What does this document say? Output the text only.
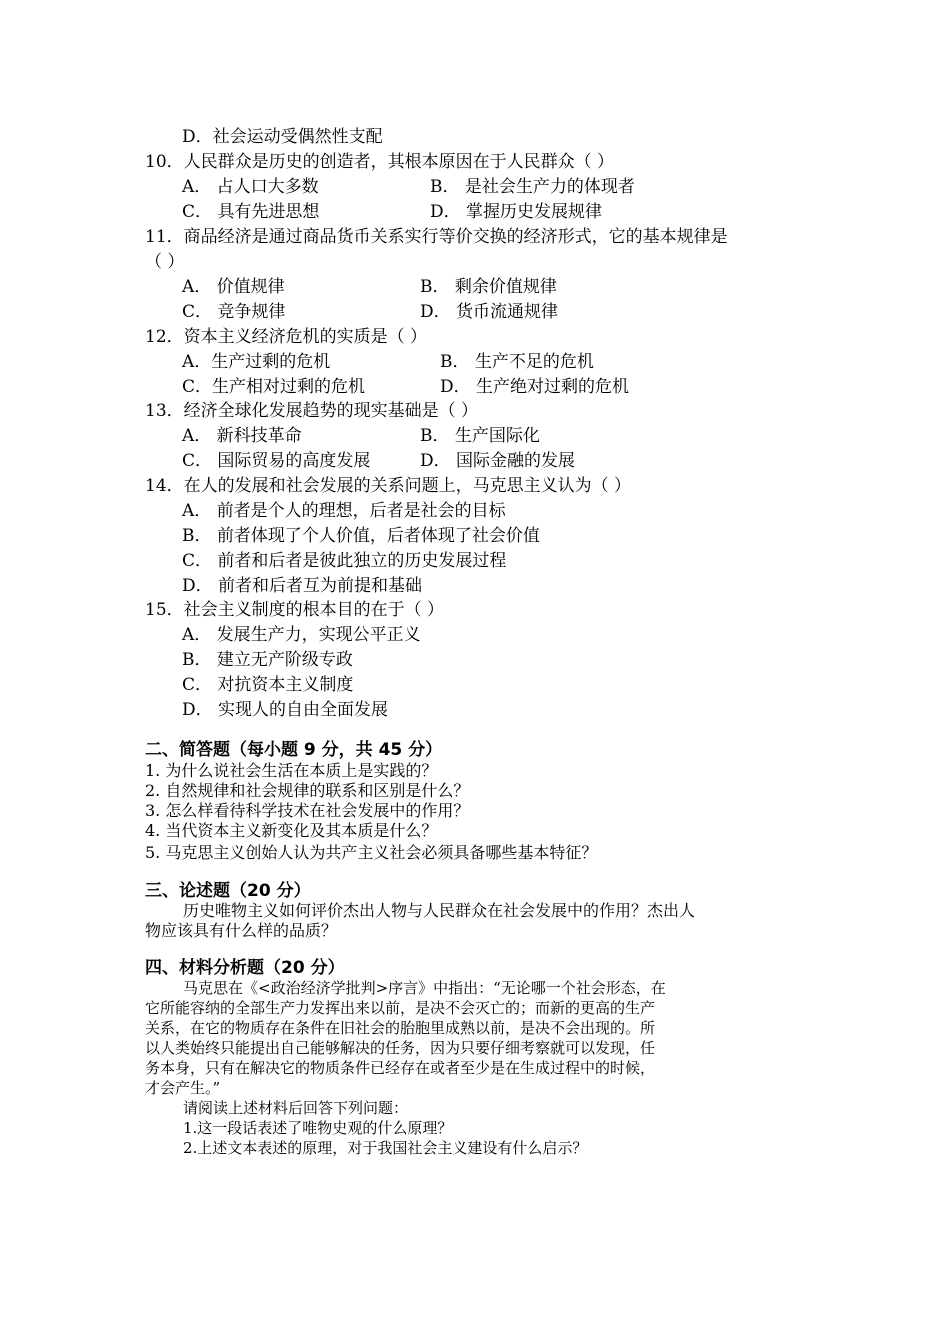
D．社会运动受偶然性支配
10．人民群众是历史的创造者，其根本原因在于人民群众（ ）
A． 占人口大多数	B． 是社会生产力的体现者
C． 具有先进思想	D． 掌握历史发展规律
11．商品经济是通过商品货币关系实行等价交换的经济形式，它的基本规律是
（ ）
A． 价值规律	B． 剩余价值规律
C． 竞争规律	D． 货币流通规律
12．资本主义经济危机的实质是（ ）
A．生产过剩的危机	B． 生产不足的危机
C．生产相对过剩的危机	D． 生产绝对过剩的危机
13．经济全球化发展趋势的现实基础是（ ）
A． 新科技革命	B． 生产国际化
C． 国际贸易的高度发展	D． 国际金融的发展
14．在人的发展和社会发展的关系问题上，马克思主义认为（ ）
A． 前者是个人的理想，后者是社会的目标
B． 前者体现了个人价值，后者体现了社会价值
C． 前者和后者是彼此独立的历史发展过程
D． 前者和后者互为前提和基础
15．社会主义制度的根本目的在于（ ）
A． 发展生产力，实现公平正义
B． 建立无产阶级专政
C． 对抗资本主义制度
D． 实现人的自由全面发展
二、简答题（每小题 9 分，共 45 分）
1. 为什么说社会生活在本质上是实践的？
2. 自然规律和社会规律的联系和区别是什么？
3. 怎么样看待科学技术在社会发展中的作用？
4. 当代资本主义新变化及其本质是什么？
5. 马克思主义创始人认为共产主义社会必须具备哪些基本特征？
三、论述题（20 分）
历史唯物主义如何评价杰出人物与人民群众在社会发展中的作用？杰出人
物应该具有什么样的品质？
四、材料分析题（20 分）
马克思在《<政治经济学批判>序言》中指出：“无论哪一个社会形态，在
它所能容纳的全部生产力发挥出来以前，是决不会灭亡的；而新的更高的生产
关系，在它的物质存在条件在旧社会的胎胞里成熟以前，是决不会出现的。所
以人类始终只能提出自己能够解决的任务，因为只要仔细考察就可以发现，任
务本身，只有在解决它的物质条件已经存在或者至少是在生成过程中的时候，
才会产生。”
请阅读上述材料后回答下列问题：
1.这一段话表述了唯物史观的什么原理？
2.上述文本表述的原理，对于我国社会主义建设有什么启示？
